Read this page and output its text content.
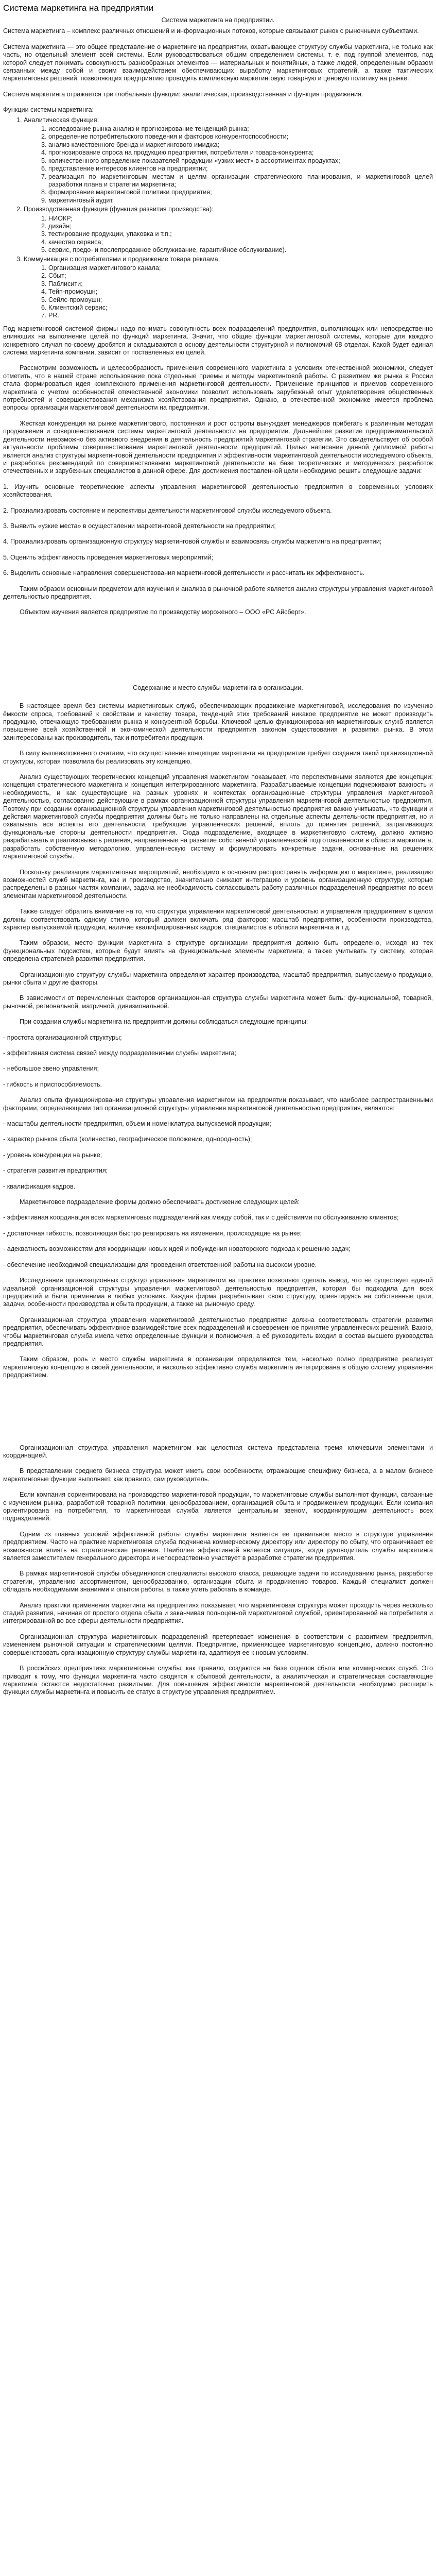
Система маркетинга на предприятии
Система маркетинга на предприятии.

Система маркетинга – комплекс различных отношений и информационных потоков, которые связывают рынок с рыночными субъектами.

Система маркетинга — это общее представление о маркетинге на предприятии, охватывающее структуру службы маркетинга, не только как часть, но отдельный элемент всей системы. Если руководствоваться общим определением системы, т. е. под группой элементов, под которой следует понимать совокупность разнообразных элементов — материальных и понятийных, а также людей, определенным образом связанных между собой и своим взаимодействием обеспечивающих выработку маркетинговых стратегий, а также тактических маркетинговых решений, позволяющих предприятию проводить комплексную маркетинговую товарную и ценовую политику на рынке.

Система маркетинга отражается три глобальные функции: аналитическая, производственная и функция продвижения.

Функции системы маркетинга:
1. Аналитическая функция:
1. исследование рынка анализ и прогнозирование тенденций рынка;
2. определение потребительского поведения и факторов конкурентоспособности;
3. анализ качественного бренда и маркетингового имиджа;
4. прогнозирование спроса на продукцию предприятия, потребителя и товара-конкурента;
5. количественного определение показателей продукции «узких мест» в ассортиментах-продуктах;
6. представление интересов клиентов на предприятии;
7. реализация по маркетинговым местам и целям организации стратегического планирования, и маркетинговой целей разработки плана и стратегии маркетинга;
8. формирование маркетинговой политики предприятия;
9. маркетинговый аудит.
2. Производственная функция (функция развития производства):
1. НИОКР;
2. дизайн;
3. тестирование продукции, упаковка и т.п.;
4. качество сервиса;
5. сервис, предо- и послепродажное обслуживание, гарантийное обслуживание).
3. Коммуникация с потребителями и продвижение товара реклама.
1. Организация маркетингового канала;
2. Сбыт;
3. Паблисити;
4. Тейп-промоушн;
5. Сейлс-промоушн;
6. Клиентский сервис;
7. PR.

Под маркетинговой системой фирмы надо понимать совокупность всех подразделений предприятия, выполняющих или непосредственно влияющих на выполнение целей по функций маркетинга. Значит, что общие функции маркетинговой системы, которые для каждого конкретного случая по-своему дробятся и складываются в основу деятельности структурной и полномочий 68 отделах. Какой будет единая система маркетинга компании, зависит от поставленных ею целей.

Рассмотрим возможность и целесообразность применения современного маркетинга в условиях отечественной экономики, следует отметить, что в нашей стране использование пока отдельные приемы и методы маркетинговой работы. С развитием же рынка в России стала формироваться идея комплексного применения маркетинговой деятельности. Применение принципов и приемов современного маркетинга с учетом особенностей отечественной экономики позволит использовать зарубежный опыт удовлетворения общественных потребностей и совершенствования механизма хозяйствования предприятия. Однако, в отечественной экономике имеется проблема вопросы организации маркетинговой деятельности на предприятии.

Жесткая конкуренция на рынке маркетингового, постоянная и рост остроты вынуждает менеджеров прибегать к различным методам продвижения и совершенствования системы маркетинговой деятельности на предприятии. Дальнейшее развитие предпринимательской деятельности невозможно без активного внедрения в деятельность предприятий маркетинговой стратегии. Это свидетельствует об особой актуальности проблемы совершенствования маркетинговой деятельности предприятий. Целью написания данной дипломной работы является анализ структуры маркетинговой деятельности предприятия и эффективности маркетинговой деятельности исследуемого объекта, и разработка рекомендаций по совершенствованию маркетинговой деятельности на базе теоретических и методических разработок отечественных и зарубежных специалистов в данной сфере. Для достижения поставленной цели необходимо решить следующие задачи:

1. Изучить основные теоретические аспекты управления маркетинговой деятельностью предприятия в современных условиях хозяйствования.

2. Проанализировать состояние и перспективы деятельности маркетинговой службы исследуемого объекта.

3. Выявить «узкие места» в осуществлении маркетинговой деятельности на предприятии;

4. Проанализировать организационную структуру маркетинговой службы и взаимосвязь службы маркетинга на предприятии;

5. Оценить эффективность проведения маркетинговых мероприятий;

6. Выделить основные направления совершенствования маркетинговой деятельности и рассчитать их эффективность.

Таким образом основным предметом для изучения и анализа в рыночной работе является анализ структуры управления маркетинговой деятельностью предприятия.

Объектом изучения является предприятие по производству мороженого – ООО «РС Айсберг».

Содержание и место службы маркетинга в организации.

В настоящее время без системы маркетинговых служб, обеспечивающих продвижение маркетинговой, исследования по изучению ёмкости спроса, требований к свойствам и качеству товара, тенденций этих требований никакое предприятие не может производить продукцию, отвечающую требованиям рынка и конкурентной борьбы. Ключевой целью функционирования маркетинговых служб является повышение всей хозяйственной и экономической деятельности предприятия законом существования и развития рынка. В этом заинтересованы как производитель, так и потребители продукции.

В силу вышеизложенного считаем, что осуществление концепции маркетинга на предприятии требует создания такой организационной структуры, которая позволила бы реализовать эту концепцию.

Анализ существующих теоретических концепций управления маркетингом показывает, что перспективными являются две концепции: концепция стратегического маркетинга и концепция интегрированного маркетинга. Разрабатываемые концепции подчеркивают важность и необходимость, и как существующие на разных уровнях и контекстах организационные структуры управления маркетинговой деятельностью, согласованно действующие в рамках организационной структуры управления маркетинговой деятельностью предприятия. Поэтому при создании организационной структуры управления маркетинговой деятельностью предприятия важно учитывать, что функции и действия маркетинговой службы предприятия должны быть не только направлены на отдельные аспекты деятельности предприятия, но и охватывать все аспекты его деятельности, требующие управленческих решений, вплоть до принятия решений, затрагивающих функциональные стороны деятельности предприятия. Сюда подразделение, входящее в маркетинговую систему, должно активно разрабатывать и реализовывать решения, направленные на развитие собственной управленческой подготовленности в области маркетинга, разработать собственную методологию, управленческую систему и формулировать конкретные задачи, основанные на решениях маркетинговой службы.

Поскольку реализация маркетинговых мероприятий, необходимо в основном распространять информацию о маркетинге, реализацию возможностей служб маркетинга, как и производство, значительно снижают интеграцию и уровень организационную структуру, которые распределены в разных частях компании, задача же необходимость согласовывать работу различных подразделений предприятия по всем элементам маркетинговой деятельности.

Также следует обратить внимание на то, что структура управления маркетинговой деятельностью и управления предприятием в целом должны соответствовать одному стилю, который должен включать ряд факторов: масштаб предприятия, особенности производства, характер выпускаемой продукции, наличие квалифицированных кадров, специалистов в области маркетинга и т.д.

Таким образом, место функции маркетинга в структуре организации предприятия должно быть определено, исходя из тех функциональных подсистем, которые будут влиять на функциональные элементы маркетинга, а также учитывать ту систему, которая определена стратегией развития предприятия.

Организационную структуру службы маркетинга определяют характер производства, масштаб предприятия, выпускаемую продукцию, рынки сбыта и другие факторы.

В зависимости от перечисленных факторов организационная структура службы маркетинга может быть: функциональной, товарной, рыночной, региональной, матричной, дивизиональной.

При создании службы маркетинга на предприятии должны соблюдаться следующие принципы:

- простота организационной структуры;

- эффективная система связей между подразделениями службы маркетинга;

- небольшое звено управления;

- гибкость и приспособляемость.

Анализ опыта функционирования структуры управления маркетингом на предприятии показывает, что наиболее распространенными факторами, определяющими тип организационной структуры управления маркетинговой деятельностью предприятия, являются:

- масштабы деятельности предприятия, объем и номенклатура выпускаемой продукции;

- характер рынков сбыта (количество, географическое положение, однородность);

- уровень конкуренции на рынке;

- стратегия развития предприятия;

- квалификация кадров.

Маркетинговое подразделение формы должно обеспечивать достижение следующих целей:

- эффективная координация всех маркетинговых подразделений как между собой, так и с действиями по обслуживанию клиентов;

- достаточная гибкость, позволяющая быстро реагировать на изменения, происходящие на рынке;

- адекватность возможностям для координации новых идей и побуждения новаторского подхода к решению задач;

- обеспечение необходимой специализации для проведения ответственной работы на высоком уровне.

Исследования организационных структур управления маркетингом на практике позволяют сделать вывод, что не существует единой идеальной организационной структуры управления маркетинговой деятельностью предприятия, которая бы подходила для всех предприятий и была применима в любых условиях. Каждая фирма разрабатывает свою структуру, ориентируясь на собственные цели, задачи, особенности производства и сбыта продукции, а также на рыночную среду.

Организационная структура управления маркетинговой деятельностью предприятия должна соответствовать стратегии развития предприятия, обеспечивать эффективное взаимодействие всех подразделений и своевременное принятие управленческих решений. Важно, чтобы маркетинговая служба имела четко определенные функции и полномочия, а её руководитель входил в состав высшего руководства предприятия.

Таким образом, роль и место службы маркетинга в организации определяются тем, насколько полно предприятие реализует маркетинговую концепцию в своей деятельности, и насколько эффективно служба маркетинга интегрирована в общую систему управления предприятием.

Организационная структура управления маркетингом как целостная система представлена тремя ключевыми элементами и координацией.

В представлении среднего бизнеса структура может иметь свои особенности, отражающие специфику бизнеса, а в малом бизнесе маркетинговые функции выполняет, как правило, сам руководитель.

Если компания сориентирована на производство маркетинговой продукции, то маркетинговые службы выполняют функции, связанные с изучением рынка, разработкой товарной политики, ценообразованием, организацией сбыта и продвижением продукции. Если компания ориентирована на потребителя, то маркетинговая служба является центральным звеном, координирующим деятельность всех подразделений.

Одним из главных условий эффективной работы службы маркетинга является ее правильное место в структуре управления предприятием. Часто на практике маркетинговая служба подчинена коммерческому директору или директору по сбыту, что ограничивает ее возможности влиять на стратегические решения. Наиболее эффективной является ситуация, когда руководитель службы маркетинга является заместителем генерального директора и непосредственно участвует в разработке стратегии предприятия.

В рамках маркетинговой службы объединяются специалисты высокого класса, решающие задачи по исследованию рынка, разработке стратегии, управлению ассортиментом, ценообразованию, организации сбыта и продвижению товаров. Каждый специалист должен обладать необходимыми знаниями и опытом работы, а также уметь работать в команде.

Анализ практики применения маркетинга на предприятиях показывает, что маркетинговая структура может проходить через несколько стадий развития, начиная от простого отдела сбыта и заканчивая полноценной маркетинговой службой, ориентированной на потребителя и интегрированной во все сферы деятельности предприятия.

Организационная структура маркетинговых подразделений претерпевает изменения в соответствии с развитием предприятия, изменением рыночной ситуации и стратегическими целями. Предприятие, применяющее маркетинговую концепцию, должно постоянно совершенствовать организационную структуру службы маркетинга, адаптируя ее к новым условиям.

В российских предприятиях маркетинговые службы, как правило, создаются на базе отделов сбыта или коммерческих служб. Это приводит к тому, что функции маркетинга часто сводятся к сбытовой деятельности, а аналитическая и стратегическая составляющие маркетинга остаются недостаточно развитыми. Для повышения эффективности маркетинговой деятельности необходимо расширить функции службы маркетинга и повысить ее статус в структуре управления предприятием.
